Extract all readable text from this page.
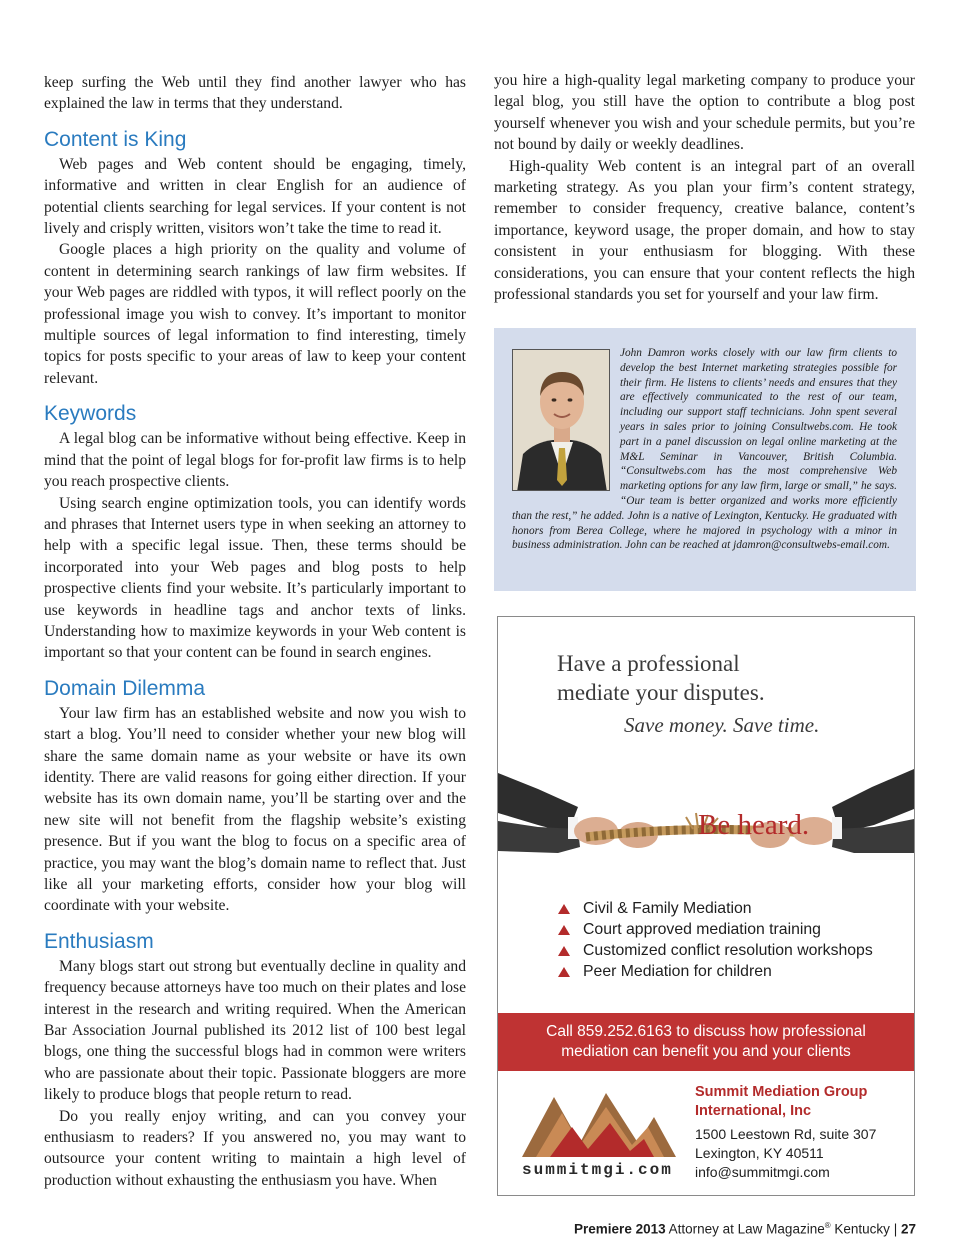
keep surfing the Web until they find another lawyer who has explained the law in terms that they understand.

Content is King

Web pages and Web content should be engaging, timely, informative and written in clear English for an audience of potential clients searching for legal services. If your content is not lively and crisply written, visitors won’t take the time to read it.

Google places a high priority on the quality and volume of content in determining search rankings of law firm websites. If your Web pages are riddled with typos, it will reflect poorly on the professional image you wish to convey. It’s important to monitor multiple sources of legal information to find interesting, timely topics for posts specific to your areas of law to keep your content relevant.

Keywords

A legal blog can be informative without being effective. Keep in mind that the point of legal blogs for for-profit law firms is to help you reach prospective clients.

Using search engine optimization tools, you can identify words and phrases that Internet users type in when seeking an attorney to help with a specific legal issue. Then, these terms should be incorporated into your Web pages and blog posts to help prospective clients find your website. It’s particularly important to use keywords in headline tags and anchor texts of links. Understanding how to maximize keywords in your Web content is important so that your content can be found in search engines.

Domain Dilemma

Your law firm has an established website and now you wish to start a blog. You’ll need to consider whether your new blog will share the same domain name as your website or have its own identity. There are valid reasons for going either direction. If your website has its own domain name, you’ll be starting over and the new site will not benefit from the flagship website’s existing presence. But if you want the blog to focus on a specific area of practice, you may want the blog’s domain name to reflect that. Just like all your marketing efforts, consider how your blog will coordinate with your website.

Enthusiasm

Many blogs start out strong but eventually decline in quality and frequency because attorneys have too much on their plates and lose interest in the research and writing required. When the American Bar Association Journal published its 2012 list of 100 best legal blogs, one thing the successful blogs had in common were writers who are passionate about their topic. Passionate bloggers are more likely to produce blogs that people return to read.

Do you really enjoy writing, and can you convey your enthusiasm to readers? If you answered no, you may want to outsource your content writing to maintain a high level of production without exhausting the enthusiasm you have. When

you hire a high-quality legal marketing company to produce your legal blog, you still have the option to contribute a blog post yourself whenever you wish and your schedule permits, but you’re not bound by daily or weekly deadlines.

High-quality Web content is an integral part of an overall marketing strategy. As you plan your firm’s content strategy, remember to consider frequency, creative balance, content’s importance, keyword usage, the proper domain, and how to stay consistent in your enthusiasm for blogging. With these considerations, you can ensure that your content reflects the high professional standards you set for yourself and your law firm.

John Damron works closely with our law firm clients to develop the best Internet marketing strategies possible for their firm. He listens to clients’ needs and ensures that they are effectively communicated to the rest of our team, including our support staff technicians. John spent several years in sales prior to joining Consultwebs.com. He took part in a panel discussion on legal online marketing at the M&L Seminar in Vancouver, British Columbia. “Consultwebs.com has the most comprehensive Web marketing options for any law firm, large or small,” he says. “Our team is better organized and works more efficiently than the rest,” he added. John is a native of Lexington, Kentucky. He graduated with honors from Berea College, where he majored in psychology with a minor in business administration. John can be reached at jdamron@consultwebs-email.com.

Have a professional
mediate your disputes.
Save money. Save time.
Be heard.
Civil & Family Mediation
Court approved mediation training
Customized conflict resolution workshops
Peer Mediation for children
Call 859.252.6163 to discuss how professional
mediation can benefit you and your clients
summitmgi.com
Summit Mediation Group
International, Inc
1500 Leestown Rd, suite 307
Lexington, KY 40511
info@summitmgi.com
Premiere 2013 Attorney at Law Magazine® Kentucky | 27
